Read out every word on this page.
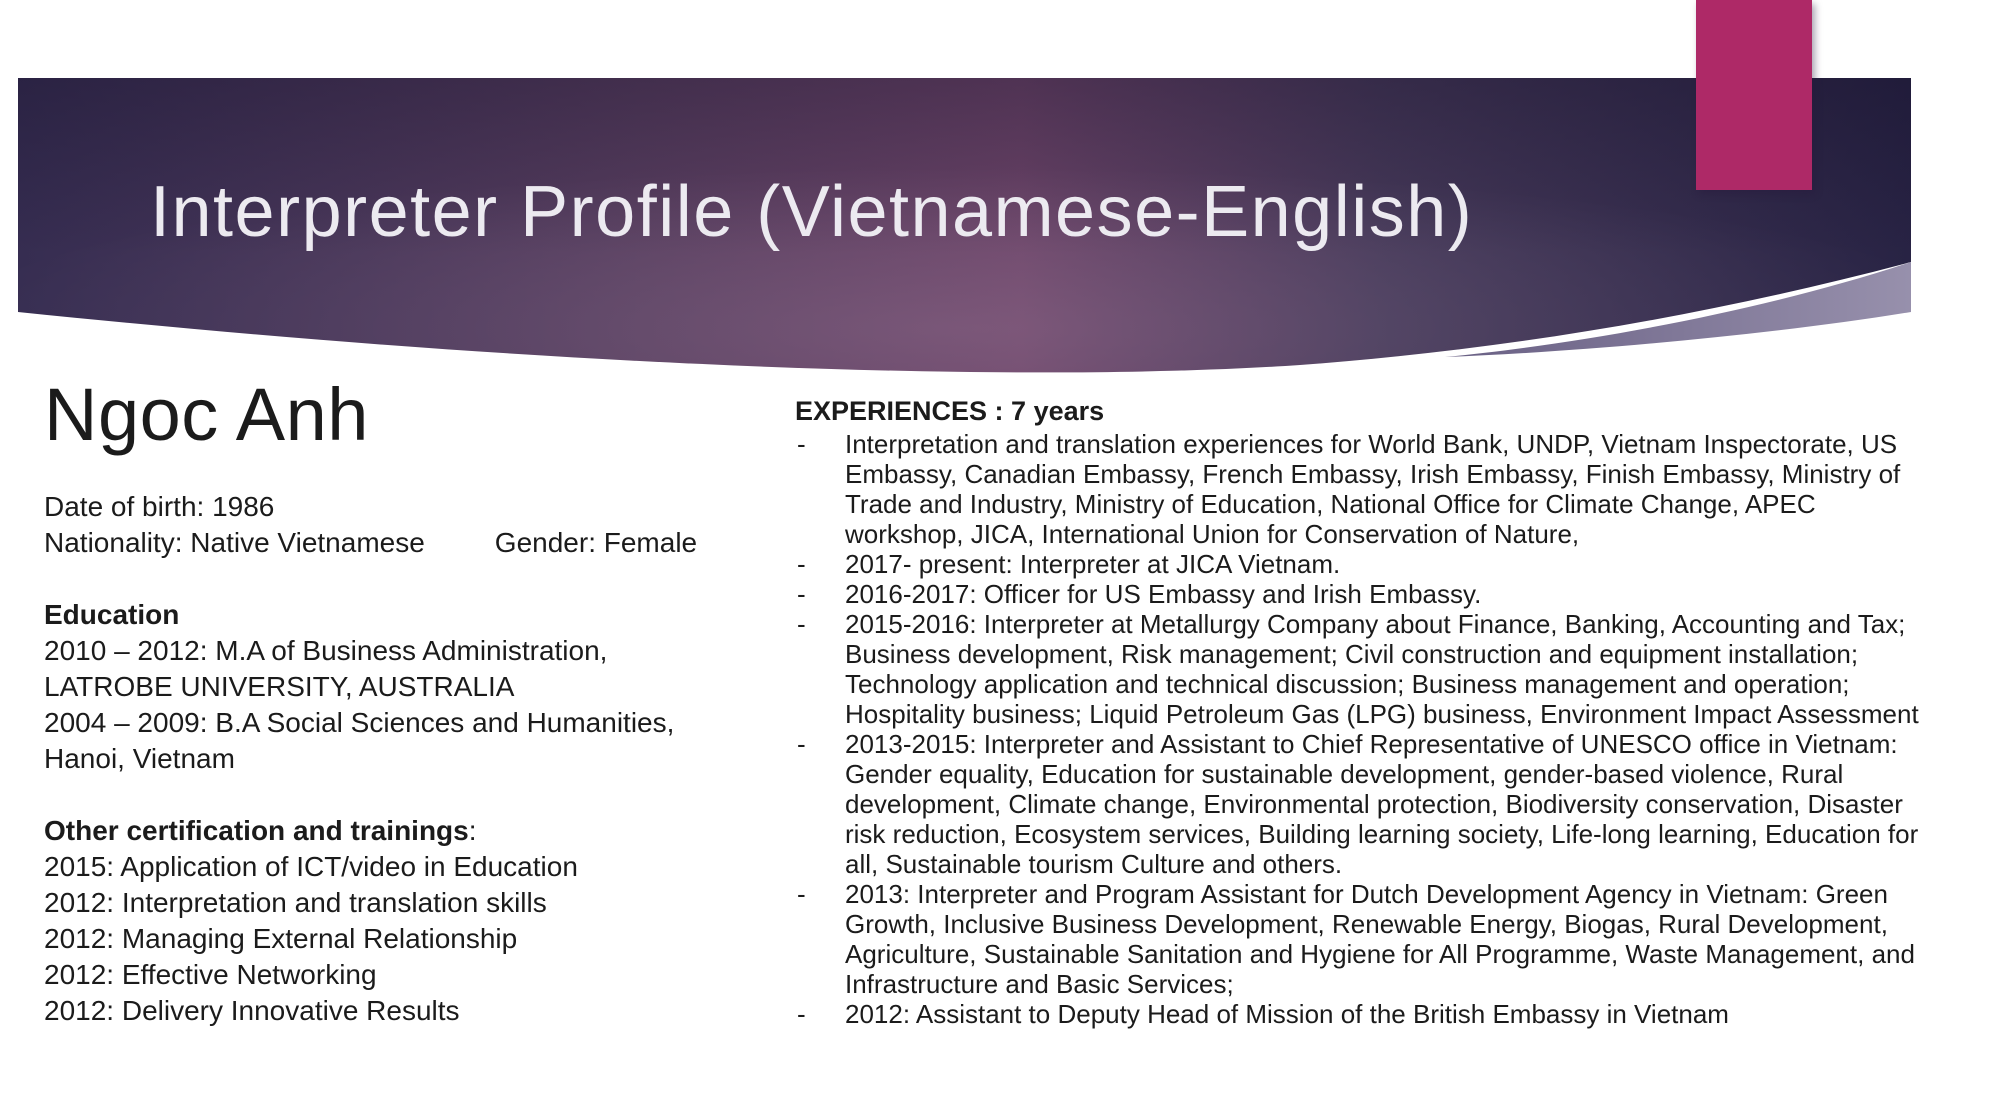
Interpreter Profile (Vietnamese-English)
Ngoc Anh
Date of birth: 1986
Nationality: Native Vietnamese	Gender: Female
Education
2010 – 2012: M.A of Business Administration,
LATROBE UNIVERSITY, AUSTRALIA
2004 – 2009: B.A Social Sciences and Humanities,
Hanoi, Vietnam
Other certification and trainings:
2015: Application of ICT/video in Education
2012: Interpretation and translation skills
2012: Managing External Relationship
2012: Effective Networking
2012: Delivery Innovative Results

EXPERIENCES : 7 years

- Interpretation and translation experiences for World Bank, UNDP, Vietnam Inspectorate, US Embassy, Canadian Embassy, French Embassy, Irish Embassy, Finish Embassy, Ministry of Trade and Industry, Ministry of Education, National Office for Climate Change, APEC workshop, JICA, International Union for Conservation of Nature,
- 2017- present: Interpreter at JICA Vietnam.
- 2016-2017: Officer for US Embassy and Irish Embassy.
- 2015-2016: Interpreter at Metallurgy Company about Finance, Banking, Accounting and Tax; Business development, Risk management; Civil construction and equipment installation; Technology application and technical discussion; Business management and operation; Hospitality business; Liquid Petroleum Gas (LPG) business, Environment Impact Assessment
- 2013-2015: Interpreter and Assistant to Chief Representative of UNESCO office in Vietnam: Gender equality, Education for sustainable development, gender-based violence, Rural development, Climate change, Environmental protection, Biodiversity conservation, Disaster risk reduction, Ecosystem services, Building learning society, Life-long learning, Education for all, Sustainable tourism Culture and others.
- 2013: Interpreter and Program Assistant for Dutch Development Agency in Vietnam: Green Growth, Inclusive Business Development, Renewable Energy, Biogas, Rural Development, Agriculture, Sustainable Sanitation and Hygiene for All Programme, Waste Management, and Infrastructure and Basic Services;
- 2012: Assistant to Deputy Head of Mission of the British Embassy in Vietnam
